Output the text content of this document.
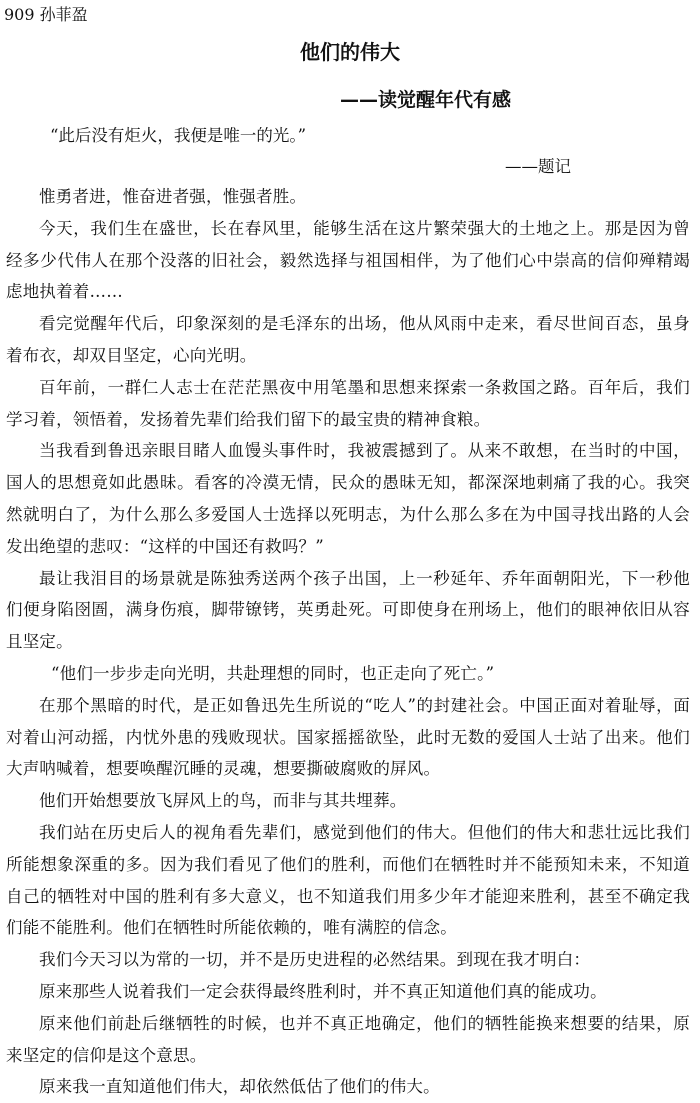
909 孙菲盈

他们的伟大
——读觉醒年代有感

“此后没有炬火，我便是唯一的光。”

——题记

惟勇者进，惟奋进者强，惟强者胜。

今天，我们生在盛世，长在春风里，能够生活在这片繁荣强大的土地之上。那是因为曾经多少代伟人在那个没落的旧社会，毅然选择与祖国相伴，为了他们心中崇高的信仰殚精竭虑地执着着……

看完觉醒年代后，印象深刻的是毛泽东的出场，他从风雨中走来，看尽世间百态，虽身着布衣，却双目坚定，心向光明。

百年前，一群仁人志士在茫茫黑夜中用笔墨和思想来探索一条救国之路。百年后，我们学习着，领悟着，发扬着先辈们给我们留下的最宝贵的精神食粮。

当我看到鲁迅亲眼目睹人血馒头事件时，我被震撼到了。从来不敢想，在当时的中国，国人的思想竟如此愚昧。看客的冷漠无情，民众的愚昧无知，都深深地刺痛了我的心。我突然就明白了，为什么那么多爱国人士选择以死明志，为什么那么多在为中国寻找出路的人会发出绝望的悲叹：“这样的中国还有救吗？”

最让我泪目的场景就是陈独秀送两个孩子出国，上一秒延年、乔年面朝阳光，下一秒他们便身陷囹圄，满身伤痕，脚带镣铐，英勇赴死。可即使身在刑场上，他们的眼神依旧从容且坚定。

“他们一步步走向光明，共赴理想的同时，也正走向了死亡。”

在那个黑暗的时代，是正如鲁迅先生所说的“吃人”的封建社会。中国正面对着耻辱，面对着山河动摇，内忧外患的残败现状。国家摇摇欲坠，此时无数的爱国人士站了出来。他们大声呐喊着，想要唤醒沉睡的灵魂，想要撕破腐败的屏风。

他们开始想要放飞屏风上的鸟，而非与其共埋葬。

我们站在历史后人的视角看先辈们，感觉到他们的伟大。但他们的伟大和悲壮远比我们所能想象深重的多。因为我们看见了他们的胜利，而他们在牺牲时并不能预知未来，不知道自己的牺牲对中国的胜利有多大意义，也不知道我们用多少年才能迎来胜利，甚至不确定我们能不能胜利。他们在牺牲时所能依赖的，唯有满腔的信念。

我们今天习以为常的一切，并不是历史进程的必然结果。到现在我才明白：

原来那些人说着我们一定会获得最终胜利时，并不真正知道他们真的能成功。

原来他们前赴后继牺牲的时候，也并不真正地确定，他们的牺牲能换来想要的结果，原来坚定的信仰是这个意思。

原来我一直知道他们伟大，却依然低估了他们的伟大。
